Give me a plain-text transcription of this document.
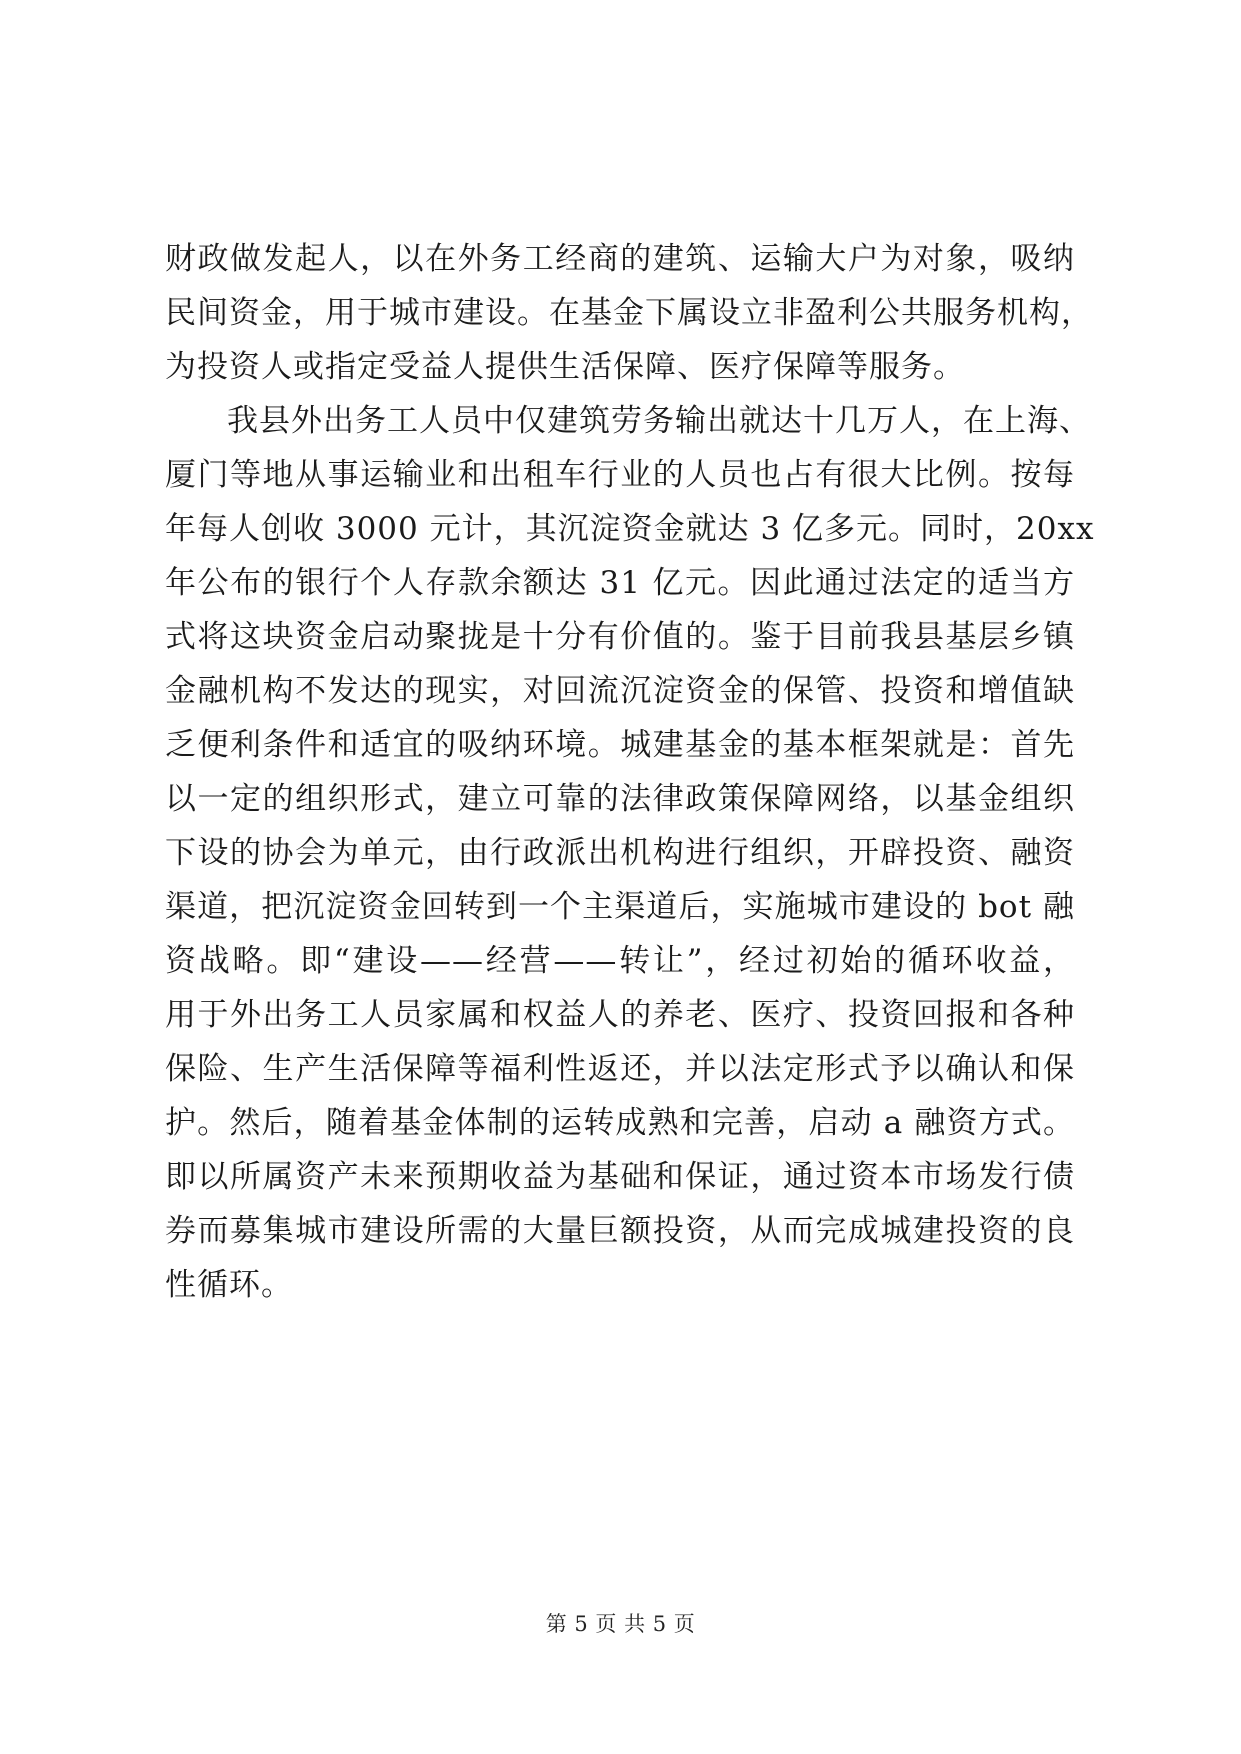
财政做发起人，以在外务工经商的建筑、运输大户为对象，吸纳
民间资金，用于城市建设。在基金下属设立非盈利公共服务机构，
为投资人或指定受益人提供生活保障、医疗保障等服务。
我县外出务工人员中仅建筑劳务输出就达十几万人，在上海、
厦门等地从事运输业和出租车行业的人员也占有很大比例。按每
年每人创收 3000 元计，其沉淀资金就达 3 亿多元。同时，20xx
年公布的银行个人存款余额达 31 亿元。因此通过法定的适当方
式将这块资金启动聚拢是十分有价值的。鉴于目前我县基层乡镇
金融机构不发达的现实，对回流沉淀资金的保管、投资和增值缺
乏便利条件和适宜的吸纳环境。城建基金的基本框架就是：首先
以一定的组织形式，建立可靠的法律政策保障网络，以基金组织
下设的协会为单元，由行政派出机构进行组织，开辟投资、融资
渠道，把沉淀资金回转到一个主渠道后，实施城市建设的 bot 融
资战略。即“建设——经营——转让”，经过初始的循环收益，
用于外出务工人员家属和权益人的养老、医疗、投资回报和各种
保险、生产生活保障等福利性返还，并以法定形式予以确认和保
护。然后，随着基金体制的运转成熟和完善，启动 a 融资方式。
即以所属资产未来预期收益为基础和保证，通过资本市场发行债
券而募集城市建设所需的大量巨额投资，从而完成城建投资的良
性循环。
第 5 页 共 5 页
